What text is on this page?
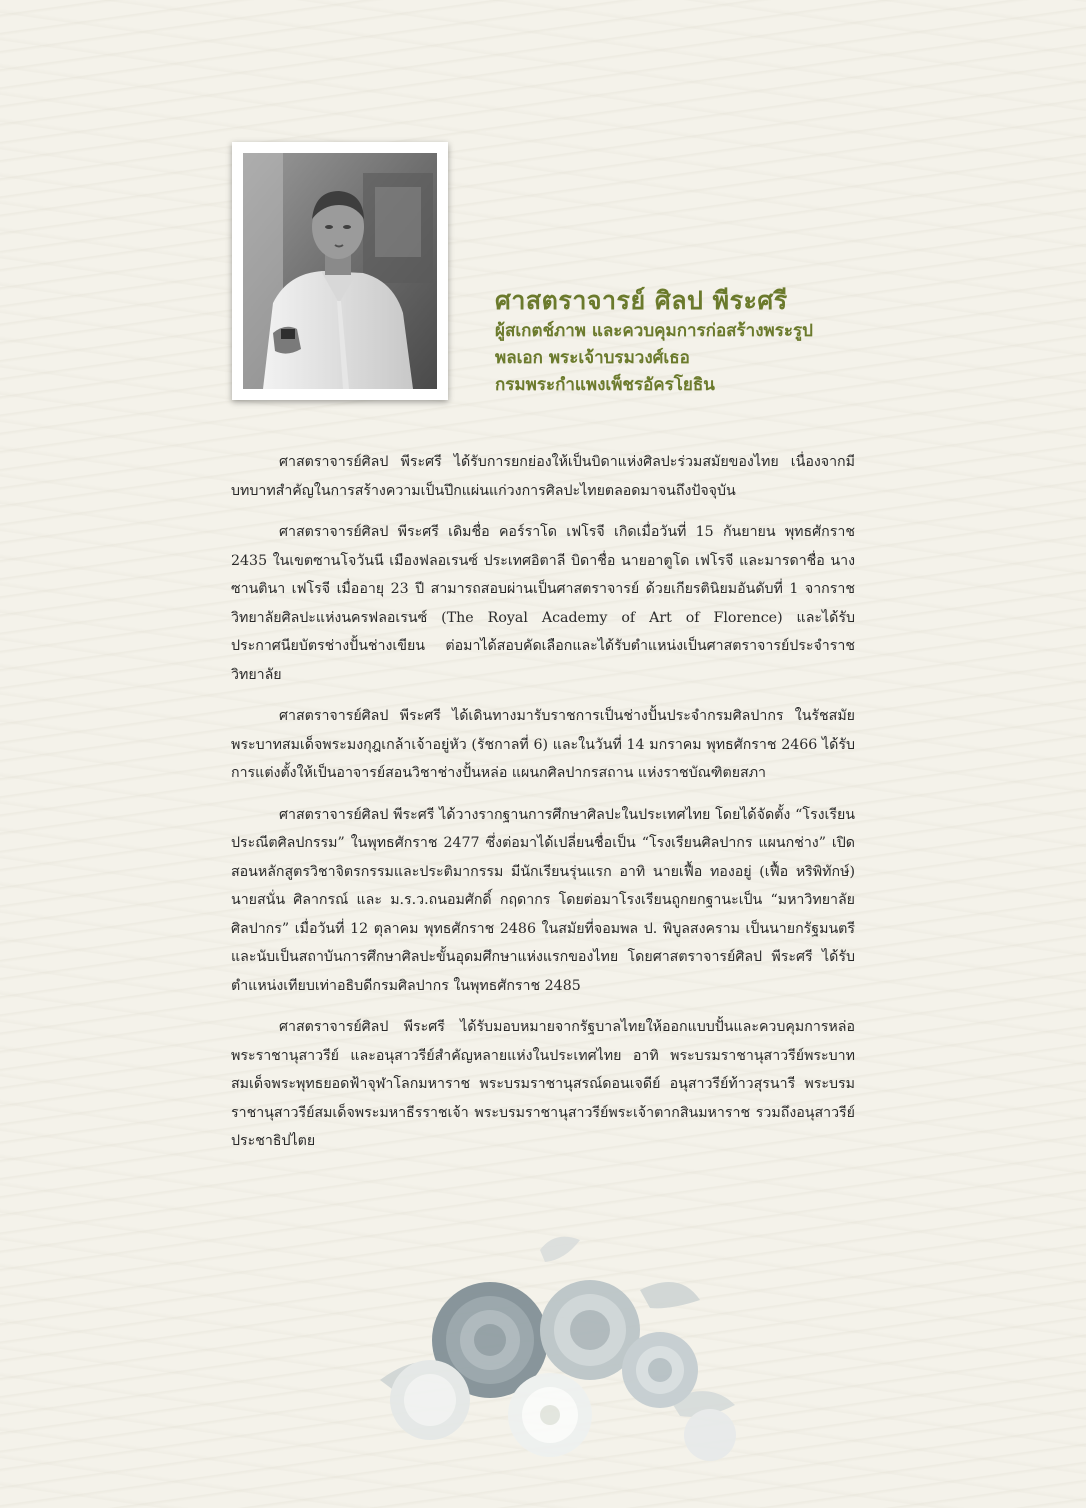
ศาสตราจารย์ ศิลป พีระศรี
ผู้สเกตช์ภาพ และควบคุมการก่อสร้างพระรูป
พลเอก พระเจ้าบรมวงศ์เธอ
กรมพระกำแพงเพ็ชรอัครโยธิน

ศาสตราจารย์ศิลป พีระศรี ได้รับการยกย่องให้เป็นบิดาแห่งศิลปะร่วมสมัยของไทย เนื่องจากมีบทบาทสำคัญในการสร้างความเป็นปึกแผ่นแก่วงการศิลปะไทยตลอดมาจนถึงปัจจุบัน

ศาสตราจารย์ศิลป พีระศรี เดิมชื่อ คอร์ราโด เฟโรจี เกิดเมื่อวันที่ 15 กันยายน พุทธศักราช 2435 ในเขตซานโจวันนี เมืองฟลอเรนซ์ ประเทศอิตาลี บิดาชื่อ นายอาตูโด เฟโรจี และมารดาชื่อ นางซานตินา เฟโรจี เมื่ออายุ 23 ปี สามารถสอบผ่านเป็นศาสตราจารย์ ด้วยเกียรตินิยมอันดับที่ 1 จากราชวิทยาลัยศิลปะแห่งนครฟลอเรนซ์ (The Royal Academy of Art of Florence) และได้รับประกาศนียบัตรช่างปั้นช่างเขียน ต่อมาได้สอบคัดเลือกและได้รับตำแหน่งเป็นศาสตราจารย์ประจำราชวิทยาลัย

ศาสตราจารย์ศิลป พีระศรี ได้เดินทางมารับราชการเป็นช่างปั้นประจำกรมศิลปากร ในรัชสมัยพระบาทสมเด็จพระมงกุฎเกล้าเจ้าอยู่หัว (รัชกาลที่ 6) และในวันที่ 14 มกราคม พุทธศักราช 2466 ได้รับการแต่งตั้งให้เป็นอาจารย์สอนวิชาช่างปั้นหล่อ แผนกศิลปากรสถาน แห่งราชบัณฑิตยสภา

ศาสตราจารย์ศิลป พีระศรี ได้วางรากฐานการศึกษาศิลปะในประเทศไทย โดยได้จัดตั้ง “โรงเรียนประณีตศิลปกรรม” ในพุทธศักราช 2477 ซึ่งต่อมาได้เปลี่ยนชื่อเป็น “โรงเรียนศิลปากร แผนกช่าง” เปิดสอนหลักสูตรวิชาจิตรกรรมและประติมากรรม มีนักเรียนรุ่นแรก อาทิ นายเฟื้อ ทองอยู่ (เฟื้อ หริพิทักษ์) นายสนั่น ศิลากรณ์ และ ม.ร.ว.ถนอมศักดิ์ กฤดากร โดยต่อมาโรงเรียนถูกยกฐานะเป็น “มหาวิทยาลัยศิลปากร” เมื่อวันที่ 12 ตุลาคม พุทธศักราช 2486 ในสมัยที่จอมพล ป. พิบูลสงคราม เป็นนายกรัฐมนตรี และนับเป็นสถาบันการศึกษาศิลปะขั้นอุดมศึกษาแห่งแรกของไทย โดยศาสตราจารย์ศิลป พีระศรี ได้รับตำแหน่งเทียบเท่าอธิบดีกรมศิลปากร ในพุทธศักราช 2485

ศาสตราจารย์ศิลป พีระศรี ได้รับมอบหมายจากรัฐบาลไทยให้ออกแบบปั้นและควบคุมการหล่อพระราชานุสาวรีย์ และอนุสาวรีย์สำคัญหลายแห่งในประเทศไทย อาทิ พระบรมราชานุสาวรีย์พระบาทสมเด็จพระพุทธยอดฟ้าจุฬาโลกมหาราช พระบรมราชานุสรณ์ดอนเจดีย์ อนุสาวรีย์ท้าวสุรนารี พระบรมราชานุสาวรีย์สมเด็จพระมหาธีรราชเจ้า พระบรมราชานุสาวรีย์พระเจ้าตากสินมหาราช รวมถึงอนุสาวรีย์ประชาธิปไตย
